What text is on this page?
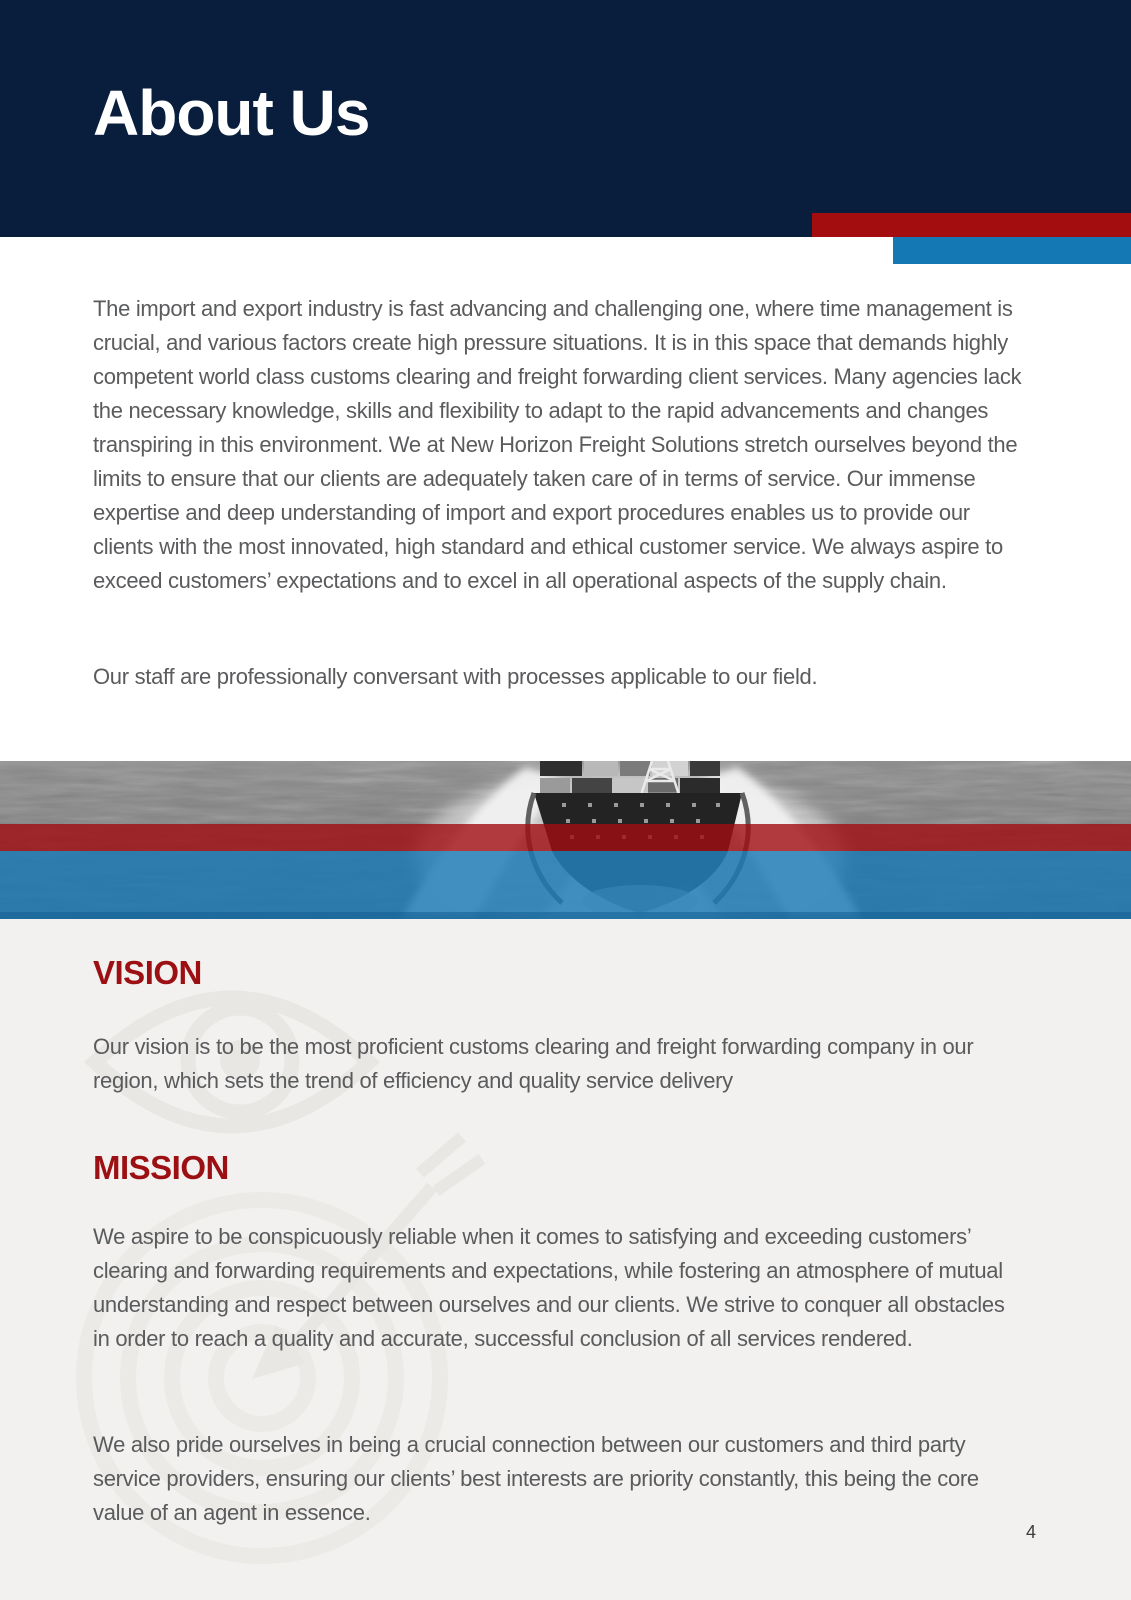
About Us

The import and export industry is fast advancing and challenging one, where time management is crucial, and various factors create high pressure situations. It is in this space that demands highly competent world class customs clearing and freight forwarding client services. Many agencies lack the necessary knowledge, skills and flexibility to adapt to the rapid advancements and changes transpiring in this environment. We at New Horizon Freight Solutions stretch ourselves beyond the limits to ensure that our clients are adequately taken care of in terms of service. Our immense expertise and deep understanding of import and export procedures enables us to provide our clients with the most innovated, high standard and ethical customer service. We always aspire to exceed customers’ expectations and to excel in all operational aspects of the supply chain.

Our staff are professionally conversant with processes applicable to our field.

VISION

Our vision is to be the most proficient customs clearing and freight forwarding company in our region, which sets the trend of efficiency and quality service delivery

MISSION

We aspire to be conspicuously reliable when it comes to satisfying and exceeding customers’ clearing and forwarding requirements and expectations, while fostering an atmosphere of mutual understanding and respect between ourselves and our clients. We strive to conquer all obstacles in order to reach a quality and accurate, successful conclusion of all services rendered.

We also pride ourselves in being a crucial connection between our customers and third party service providers, ensuring our clients’ best interests are priority constantly, this being the core value of an agent in essence.

4
